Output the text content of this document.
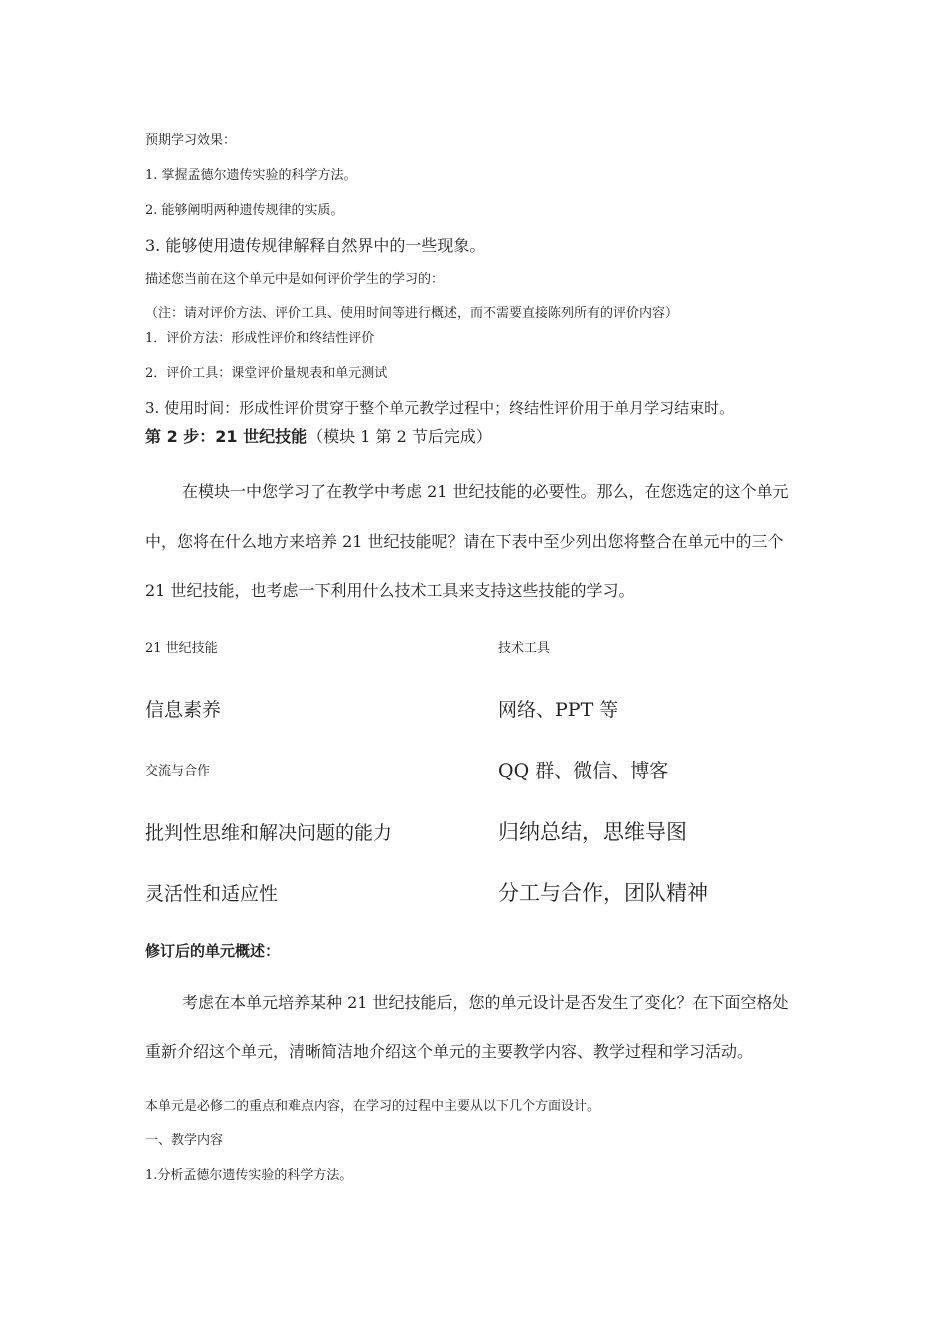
预期学习效果：
1. 掌握孟德尔遗传实验的科学方法。
2. 能够阐明两种遗传规律的实质。
3. 能够使用遗传规律解释自然界中的一些现象。
描述您当前在这个单元中是如何评价学生的学习的：
（注：请对评价方法、评价工具、使用时间等进行概述，而不需要直接陈列所有的评价内容）
1．评价方法：形成性评价和终结性评价
2．评价工具：课堂评价量规表和单元测试
3. 使用时间：形成性评价贯穿于整个单元教学过程中；终结性评价用于单月学习结束时。
第 2 步：21 世纪技能（模块 1 第 2 节后完成）
在模块一中您学习了在教学中考虑 21 世纪技能的必要性。那么，在您选定的这个单元
中，您将在什么地方来培养 21 世纪技能呢？请在下表中至少列出您将整合在单元中的三个
21 世纪技能，也考虑一下利用什么技术工具来支持这些技能的学习。
21 世纪技能	技术工具
信息素养	网络、PPT 等
交流与合作	QQ 群、微信、博客
批判性思维和解决问题的能力	归纳总结，思维导图
灵活性和适应性	分工与合作，团队精神
修订后的单元概述：
考虑在本单元培养某种 21 世纪技能后，您的单元设计是否发生了变化？在下面空格处
重新介绍这个单元，清晰简洁地介绍这个单元的主要教学内容、教学过程和学习活动。
本单元是必修二的重点和难点内容，在学习的过程中主要从以下几个方面设计。
一、教学内容
1.分析孟德尔遗传实验的科学方法。
